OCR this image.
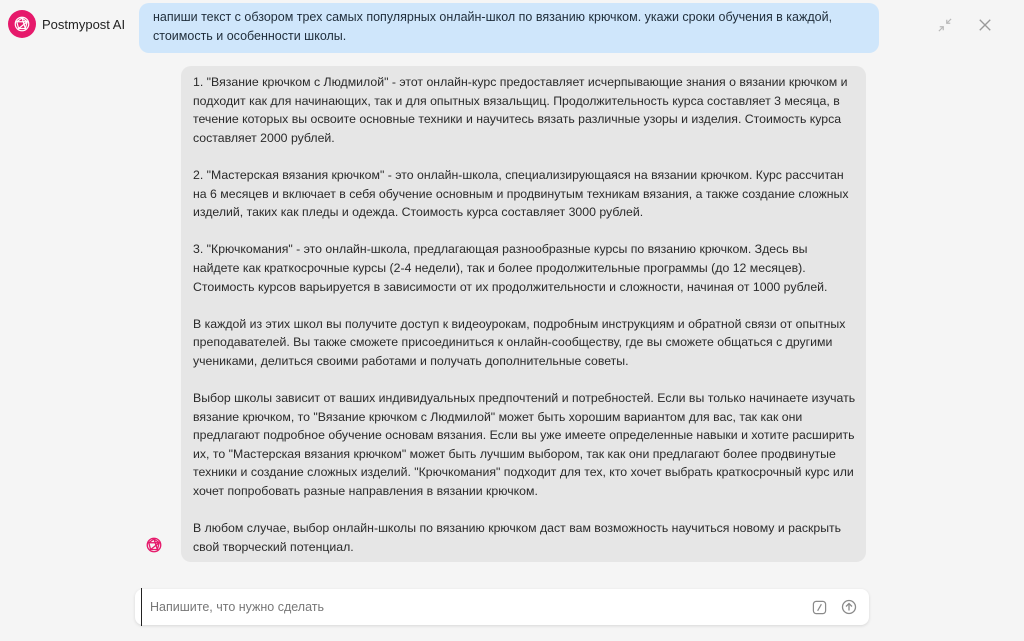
Postmypost AI	напиши текст с обзором трех самых популярных онлайн-школ по вязанию крючком. укажи сроки обучения в каждой, стоимость и особенности школы.

1. "Вязание крючком с Людмилой" - этот онлайн-курс предоставляет исчерпывающие знания о вязании крючком и подходит как для начинающих, так и для опытных вязальщиц. Продолжительность курса составляет 3 месяца, в течение которых вы освоите основные техники и научитесь вязать различные узоры и изделия. Стоимость курса составляет 2000 рублей.

2. "Мастерская вязания крючком" - это онлайн-школа, специализирующаяся на вязании крючком. Курс рассчитан на 6 месяцев и включает в себя обучение основным и продвинутым техникам вязания, а также создание сложных изделий, таких как пледы и одежда. Стоимость курса составляет 3000 рублей.

3. "Крючкомания" - это онлайн-школа, предлагающая разнообразные курсы по вязанию крючком. Здесь вы найдете как краткосрочные курсы (2-4 недели), так и более продолжительные программы (до 12 месяцев). Стоимость курсов варьируется в зависимости от их продолжительности и сложности, начиная от 1000 рублей.

В каждой из этих школ вы получите доступ к видеоурокам, подробным инструкциям и обратной связи от опытных преподавателей. Вы также сможете присоединиться к онлайн-сообществу, где вы сможете общаться с другими учениками, делиться своими работами и получать дополнительные советы.

Выбор школы зависит от ваших индивидуальных предпочтений и потребностей. Если вы только начинаете изучать вязание крючком, то "Вязание крючком с Людмилой" может быть хорошим вариантом для вас, так как они предлагают подробное обучение основам вязания. Если вы уже имеете определенные навыки и хотите расширить их, то "Мастерская вязания крючком" может быть лучшим выбором, так как они предлагают более продвинутые техники и создание сложных изделий. "Крючкомания" подходит для тех, кто хочет выбрать краткосрочный курс или хочет попробовать разные направления в вязании крючком.

В любом случае, выбор онлайн-школы по вязанию крючком даст вам возможность научиться новому и раскрыть свой творческий потенциал.

Напишите, что нужно сделать
